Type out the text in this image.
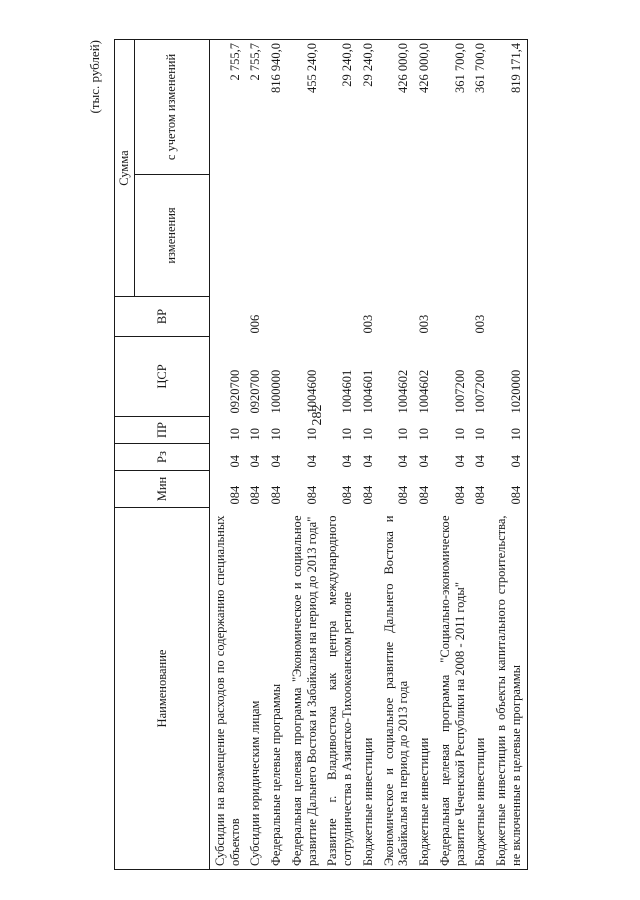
282
(тыс. рублей)
Наименование	Мин	Рз	ПР	ЦСР	ВР	Сумма	
						изменения	с учетом изменений
Субсидии на возмещение расходов по содержанию специальных объектов	084	04	10	0920700			2 755,7
Субсидии юридическим лицам	084	04	10	0920700	006		2 755,7
Федеральные целевые программы	084	04	10	1000000			816 940,0
Федеральная целевая программа "Экономическое и социальное развитие Дальнего Востока и Забайкалья на период до 2013 года"	084	04	10	1004600			455 240,0
Развитие г. Владивостока как центра международного сотрудничества в Азиатско-Тихоокеанском регионе	084	04	10	1004601			29 240,0
Бюджетные инвестиции	084	04	10	1004601	003		29 240,0
Экономическое и социальное развитие Дальнего Востока и Забайкалья на период до 2013 года	084	04	10	1004602			426 000,0
Бюджетные инвестиции	084	04	10	1004602	003		426 000,0
Федеральная целевая программа "Социально-экономическое развитие Чеченской Республики на 2008 - 2011 годы"	084	04	10	1007200			361 700,0
Бюджетные инвестиции	084	04	10	1007200	003		361 700,0
Бюджетные инвестиции в объекты капитального строительства, не включенные в целевые программы	084	04	10	1020000			819 171,4
